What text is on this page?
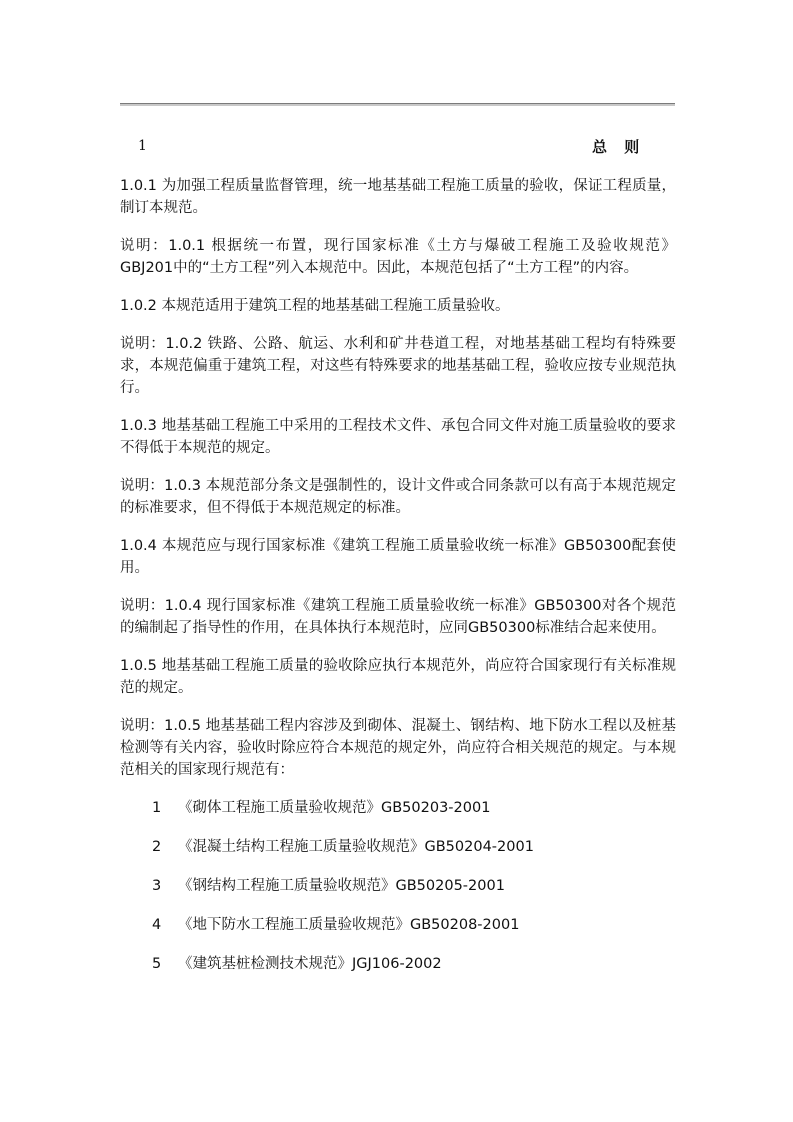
1	总 则

1.0.1 为加强工程质量监督管理，统一地基基础工程施工质量的验收，保证工程质量，制订本规范。

说明：1.0.1 根据统一布置，现行国家标准《土方与爆破工程施工及验收规范》GBJ201中的“土方工程”列入本规范中。因此，本规范包括了“土方工程”的内容。

1.0.2 本规范适用于建筑工程的地基基础工程施工质量验收。

说明：1.0.2 铁路、公路、航运、水利和矿井巷道工程，对地基基础工程均有特殊要求，本规范偏重于建筑工程，对这些有特殊要求的地基基础工程，验收应按专业规范执行。

1.0.3 地基基础工程施工中采用的工程技术文件、承包合同文件对施工质量验收的要求不得低于本规范的规定。

说明：1.0.3 本规范部分条文是强制性的，设计文件或合同条款可以有高于本规范规定的标准要求，但不得低于本规范规定的标准。

1.0.4 本规范应与现行国家标准《建筑工程施工质量验收统一标准》GB50300配套使用。

说明：1.0.4 现行国家标准《建筑工程施工质量验收统一标准》GB50300对各个规范的编制起了指导性的作用，在具体执行本规范时，应同GB50300标准结合起来使用。

1.0.5 地基基础工程施工质量的验收除应执行本规范外，尚应符合国家现行有关标准规范的规定。

说明：1.0.5 地基基础工程内容涉及到砌体、混凝土、钢结构、地下防水工程以及桩基检测等有关内容，验收时除应符合本规范的规定外，尚应符合相关规范的规定。与本规范相关的国家现行规范有：

1	《砌体工程施工质量验收规范》GB50203-2001
2	《混凝土结构工程施工质量验收规范》GB50204-2001
3	《钢结构工程施工质量验收规范》GB50205-2001
4	《地下防水工程施工质量验收规范》GB50208-2001
5	《建筑基桩检测技术规范》JGJ106-2002
